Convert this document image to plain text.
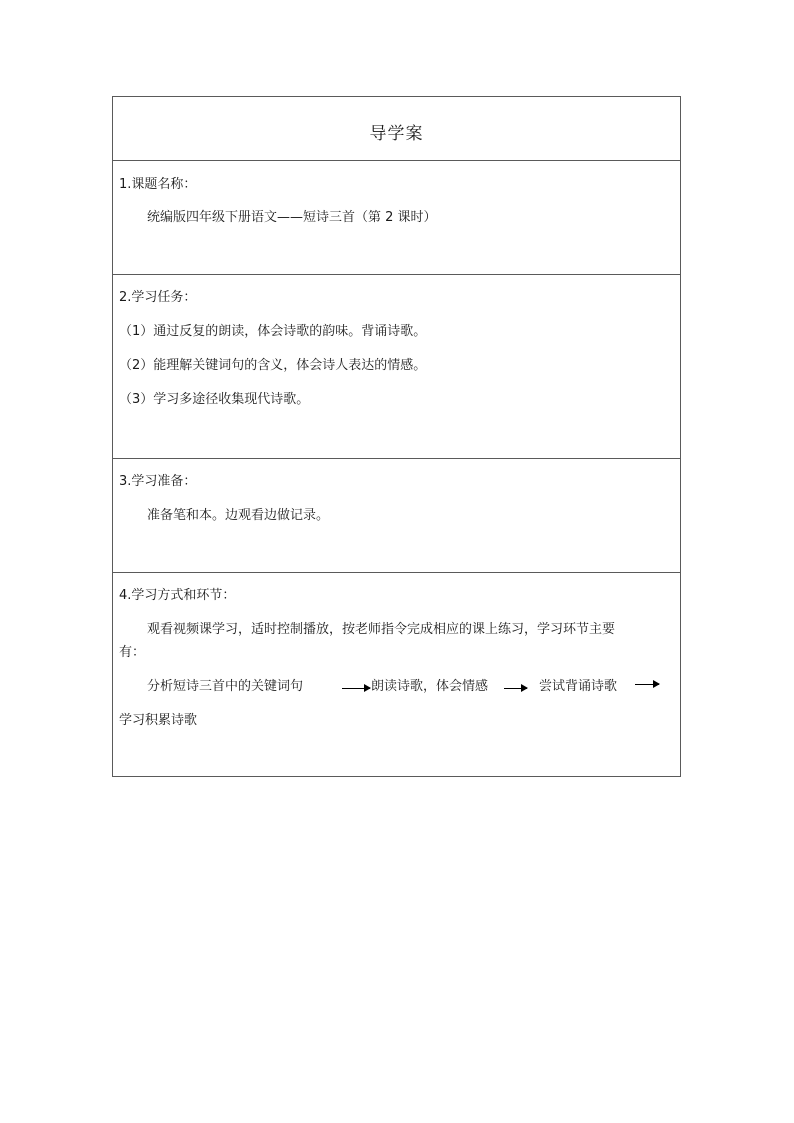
导学案
1.课题名称：
统编版四年级下册语文——短诗三首（第 2 课时）
2.学习任务：
（1）通过反复的朗读，体会诗歌的韵味。背诵诗歌。
（2）能理解关键词句的含义，体会诗人表达的情感。
（3）学习多途径收集现代诗歌。
3.学习准备：
准备笔和本。边观看边做记录。
4.学习方式和环节：
观看视频课学习，适时控制播放，按老师指令完成相应的课上练习，学习环节主要
有：
分析短诗三首中的关键词句	朗读诗歌，体会情感	尝试背诵诗歌
学习积累诗歌
